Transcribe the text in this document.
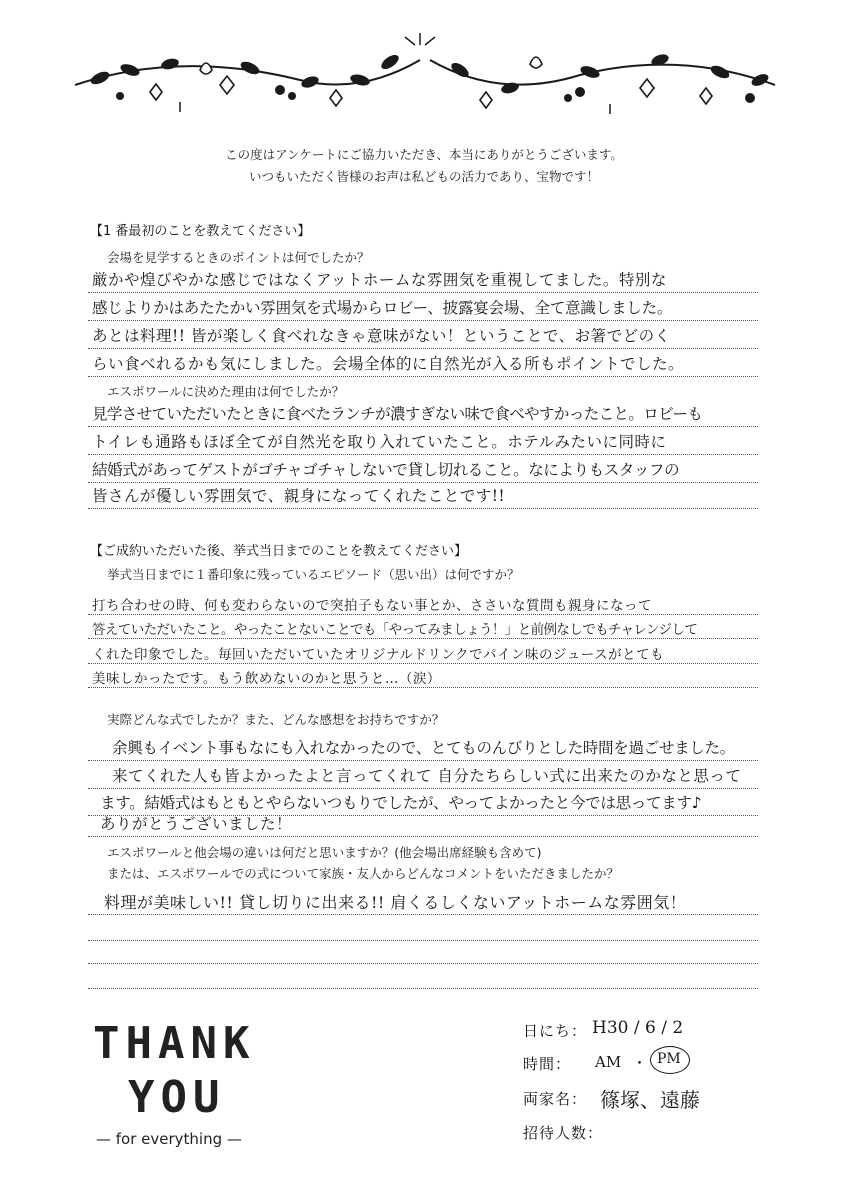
この度はアンケートにご協力いただき、本当にありがとうございます。
いつもいただく皆様のお声は私どもの活力であり、宝物です！
【1 番最初のことを教えてください】
会場を見学するときのポイントは何でしたか？
厳かや煌びやかな感じではなくアットホームな雰囲気を重視してました。特別な
感じよりかはあたたかい雰囲気を式場からロビー、披露宴会場、全て意識しました。
あとは料理!! 皆が楽しく食べれなきゃ意味がない！ということで、お箸でどのく
らい食べれるかも気にしました。会場全体的に自然光が入る所もポイントでした。
エスポワールに決めた理由は何でしたか？
見学させていただいたときに食べたランチが濃すぎない味で食べやすかったこと。ロビーも
トイレも通路もほぼ全てが自然光を取り入れていたこと。ホテルみたいに同時に
結婚式があってゲストがゴチャゴチャしないで貸し切れること。なによりもスタッフの
皆さんが優しい雰囲気で、親身になってくれたことです!!
【ご成約いただいた後、挙式当日までのことを教えてください】
挙式当日までに１番印象に残っているエピソード（思い出）は何ですか？
打ち合わせの時、何も変わらないので突拍子もない事とか、ささいな質問も親身になって
答えていただいたこと。やったことないことでも「やってみましょう！」と前例なしでもチャレンジして
くれた印象でした。毎回いただいていたオリジナルドリンクでパイン味のジュースがとても
美味しかったです。もう飲めないのかと思うと…（涙）
実際どんな式でしたか？また、どんな感想をお持ちですか？
余興もイベント事もなにも入れなかったので、とてものんびりとした時間を過ごせました。
来てくれた人も皆よかったよと言ってくれて 自分たちらしい式に出来たのかなと思って
ます。結婚式はもともとやらないつもりでしたが、やってよかったと今では思ってます♪
ありがとうございました！
エスポワールと他会場の違いは何だと思いますか？(他会場出席経験も含めて)
または、エスポワールでの式について家族・友人からどんなコメントをいただきましたか？
料理が美味しい!! 貸し切りに出来る!! 肩くるしくないアットホームな雰囲気！
THANK
YOU
— for everything —
日にち： H30 / 6 / 2
時間： AM ・ PM
両家名： 篠塚、遠藤
招待人数：
